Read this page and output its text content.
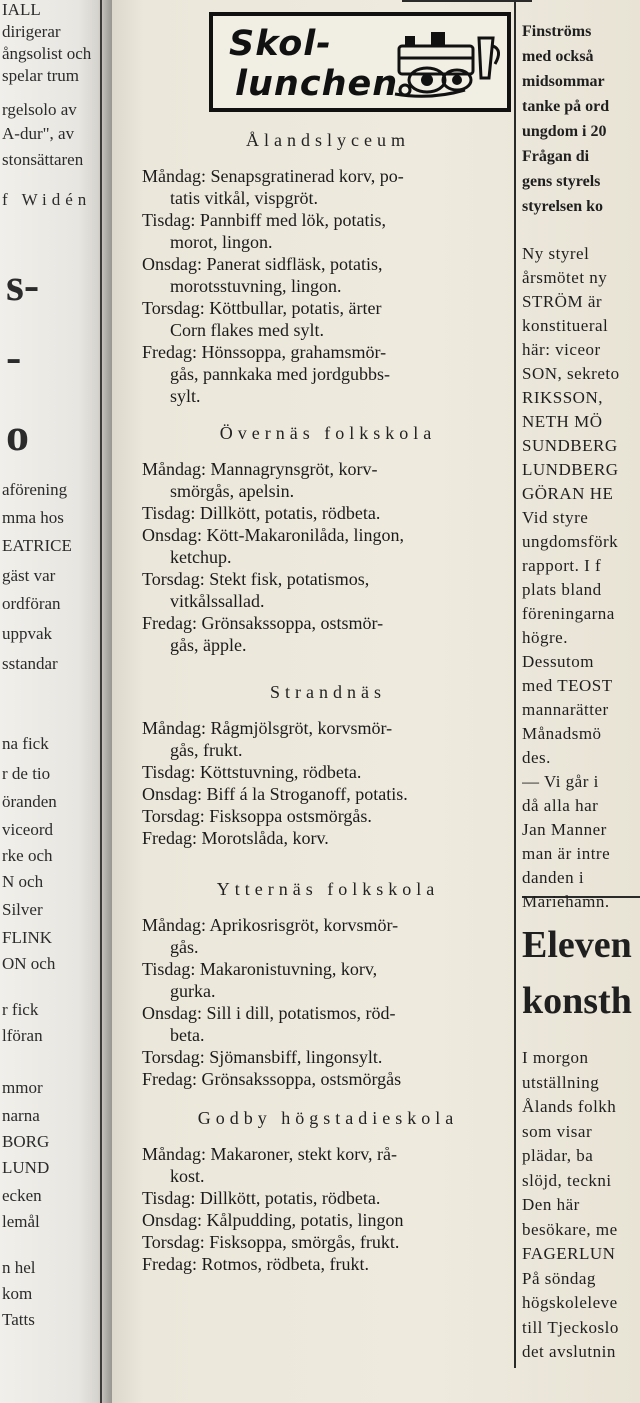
IALL
dirigerar
ångsolist och
spelar trum
rgelsolo av
A-dur", av
stonsättaren
f Widén
s-
-
o
aförening
mma hos
EATRICE
gäst var
ordföran
uppvak
sstandar
na fick
r de tio
öranden
viceord
rke och
N och
Silver
FLINK
ON och
r fick
lföran
mmor
narna
BORG
LUND
ecken
lemål
n hel
kom
Tatts
Skol-
lunchen

Ålandslyceum

Måndag: Senapsgratinerad korv, po-
tatis vitkål, vispgröt.
Tisdag: Pannbiff med lök, potatis,
morot, lingon.
Onsdag: Panerat sidfläsk, potatis,
morotsstuvning, lingon.
Torsdag: Köttbullar, potatis, ärter
Corn flakes med sylt.
Fredag: Hönssoppa, grahamsmör-
gås, pannkaka med jordgubbs-
sylt.

Övernäs folkskola

Måndag: Mannagrynsgröt, korv-
smörgås, apelsin.
Tisdag: Dillkött, potatis, rödbeta.
Onsdag: Kött-Makaronilåda, lingon,
ketchup.
Torsdag: Stekt fisk, potatismos,
vitkålssallad.
Fredag: Grönsakssoppa, ostsmör-
gås, äpple.

Strandnäs

Måndag: Rågmjölsgröt, korvsmör-
gås, frukt.
Tisdag: Köttstuvning, rödbeta.
Onsdag: Biff á la Stroganoff, potatis.
Torsdag: Fisksoppa ostsmörgås.
Fredag: Morotslåda, korv.

Ytternäs folkskola

Måndag: Aprikosrisgröt, korvsmör-
gås.
Tisdag: Makaronistuvning, korv,
gurka.
Onsdag: Sill i dill, potatismos, röd-
beta.
Torsdag: Sjömansbiff, lingonsylt.
Fredag: Grönsakssoppa, ostsmörgås

Godby högstadieskola

Måndag: Makaroner, stekt korv, rå-
kost.
Tisdag: Dillkött, potatis, rödbeta.
Onsdag: Kålpudding, potatis, lingon
Torsdag: Fisksoppa, smörgås, frukt.
Fredag: Rotmos, rödbeta, frukt.
Finströms
med också
midsommar
tanke på ord
ungdom i 20
Frågan di
gens styrels
styrelsen ko
Ny styrel
årsmötet ny
STRÖM är
konstitueral
här: viceor
SON, sekreto
RIKSSON,
NETH MÖ
SUNDBERG
LUNDBERG
GÖRAN HE
Vid styre
ungdomsförk
rapport. I f
plats bland
föreningarna
högre.
Dessutom
med TEOST
mannarätter
Månadsmö
des.
— Vi går i
då alla har
Jan Manner
man är intre
danden i
Mariehamn.
Eleven
konsth
I morgon
utställning
Ålands folkh
som visar
plädar, ba
slöjd, teckni
Den här
besökare, me
FAGERLUN
På söndag
högskoleleve
till Tjeckoslo
det avslutnin
